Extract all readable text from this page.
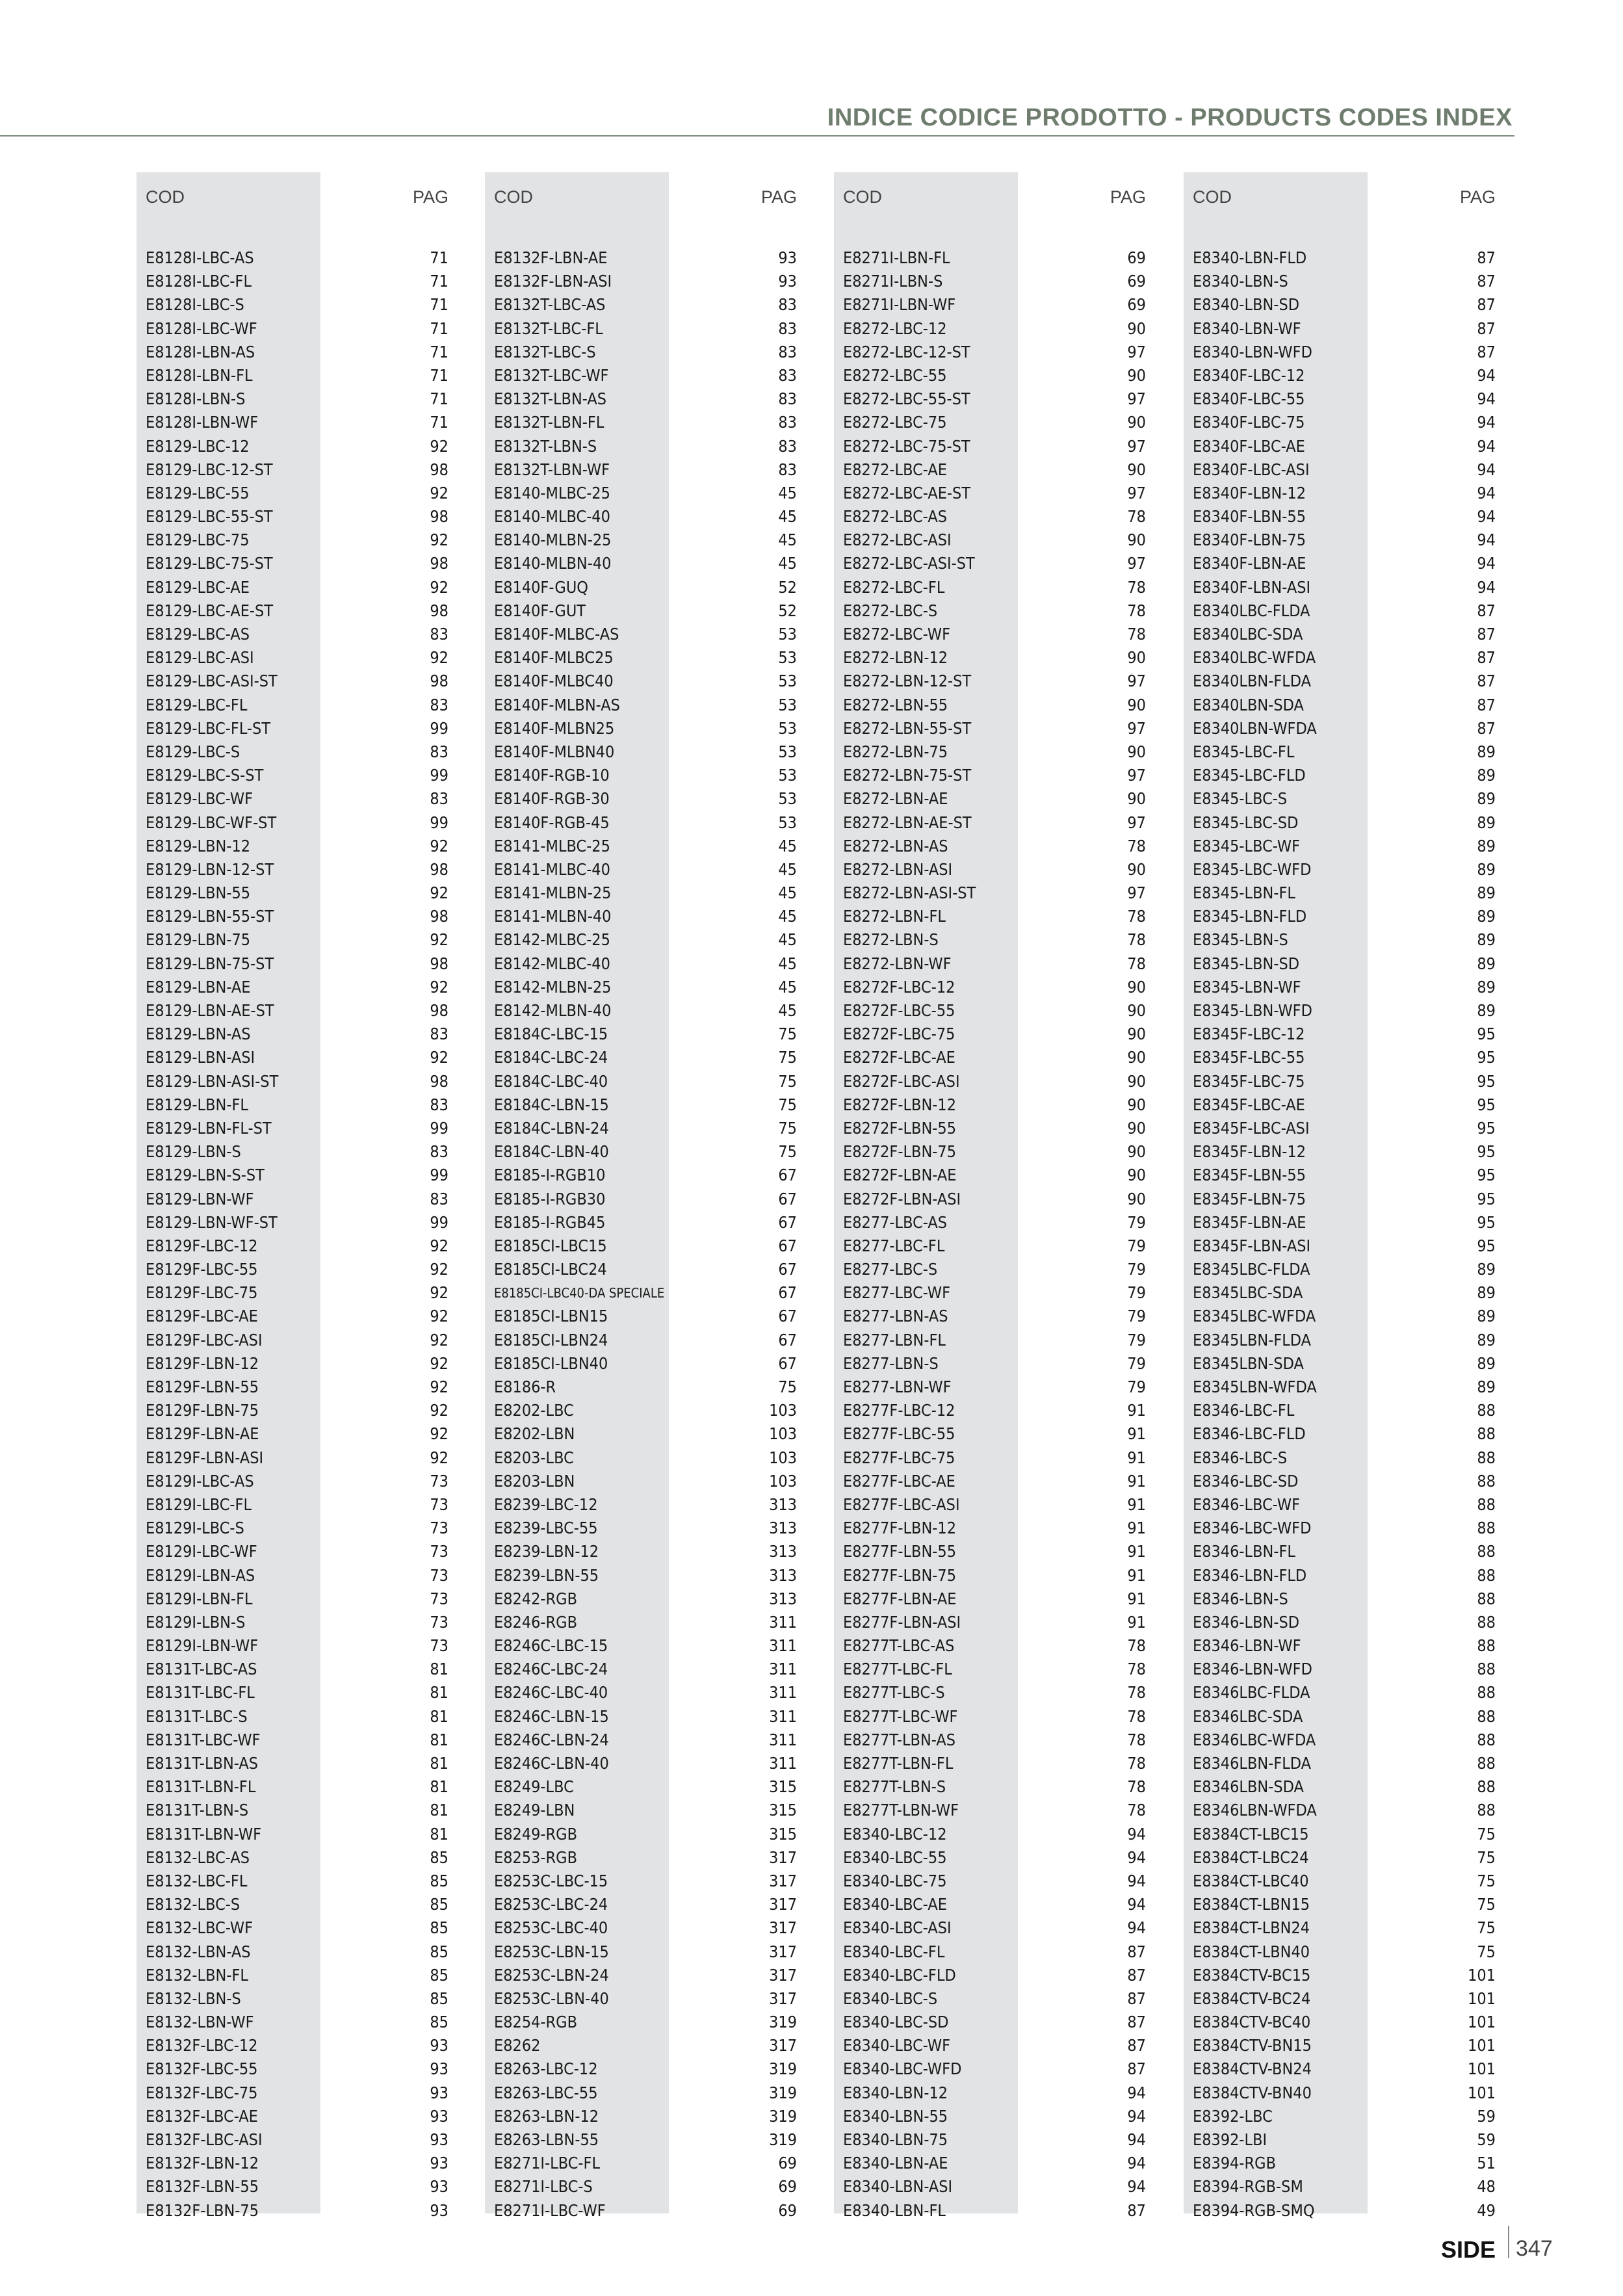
INDICE CODICE PRODOTTO - PRODUCTS CODES INDEX
COD	PAG
E8128I-LBC-AS	71
E8128I-LBC-FL	71
E8128I-LBC-S	71
E8128I-LBC-WF	71
E8128I-LBN-AS	71
E8128I-LBN-FL	71
E8128I-LBN-S	71
E8128I-LBN-WF	71
E8129-LBC-12	92
E8129-LBC-12-ST	98
E8129-LBC-55	92
E8129-LBC-55-ST	98
E8129-LBC-75	92
E8129-LBC-75-ST	98
E8129-LBC-AE	92
E8129-LBC-AE-ST	98
E8129-LBC-AS	83
E8129-LBC-ASI	92
E8129-LBC-ASI-ST	98
E8129-LBC-FL	83
E8129-LBC-FL-ST	99
E8129-LBC-S	83
E8129-LBC-S-ST	99
E8129-LBC-WF	83
E8129-LBC-WF-ST	99
E8129-LBN-12	92
E8129-LBN-12-ST	98
E8129-LBN-55	92
E8129-LBN-55-ST	98
E8129-LBN-75	92
E8129-LBN-75-ST	98
E8129-LBN-AE	92
E8129-LBN-AE-ST	98
E8129-LBN-AS	83
E8129-LBN-ASI	92
E8129-LBN-ASI-ST	98
E8129-LBN-FL	83
E8129-LBN-FL-ST	99
E8129-LBN-S	83
E8129-LBN-S-ST	99
E8129-LBN-WF	83
E8129-LBN-WF-ST	99
E8129F-LBC-12	92
E8129F-LBC-55	92
E8129F-LBC-75	92
E8129F-LBC-AE	92
E8129F-LBC-ASI	92
E8129F-LBN-12	92
E8129F-LBN-55	92
E8129F-LBN-75	92
E8129F-LBN-AE	92
E8129F-LBN-ASI	92
E8129I-LBC-AS	73
E8129I-LBC-FL	73
E8129I-LBC-S	73
E8129I-LBC-WF	73
E8129I-LBN-AS	73
E8129I-LBN-FL	73
E8129I-LBN-S	73
E8129I-LBN-WF	73
E8131T-LBC-AS	81
E8131T-LBC-FL	81
E8131T-LBC-S	81
E8131T-LBC-WF	81
E8131T-LBN-AS	81
E8131T-LBN-FL	81
E8131T-LBN-S	81
E8131T-LBN-WF	81
E8132-LBC-AS	85
E8132-LBC-FL	85
E8132-LBC-S	85
E8132-LBC-WF	85
E8132-LBN-AS	85
E8132-LBN-FL	85
E8132-LBN-S	85
E8132-LBN-WF	85
E8132F-LBC-12	93
E8132F-LBC-55	93
E8132F-LBC-75	93
E8132F-LBC-AE	93
E8132F-LBC-ASI	93
E8132F-LBN-12	93
E8132F-LBN-55	93
E8132F-LBN-75	93
COD	PAG
E8132F-LBN-AE	93
E8132F-LBN-ASI	93
E8132T-LBC-AS	83
E8132T-LBC-FL	83
E8132T-LBC-S	83
E8132T-LBC-WF	83
E8132T-LBN-AS	83
E8132T-LBN-FL	83
E8132T-LBN-S	83
E8132T-LBN-WF	83
E8140-MLBC-25	45
E8140-MLBC-40	45
E8140-MLBN-25	45
E8140-MLBN-40	45
E8140F-GUQ	52
E8140F-GUT	52
E8140F-MLBC-AS	53
E8140F-MLBC25	53
E8140F-MLBC40	53
E8140F-MLBN-AS	53
E8140F-MLBN25	53
E8140F-MLBN40	53
E8140F-RGB-10	53
E8140F-RGB-30	53
E8140F-RGB-45	53
E8141-MLBC-25	45
E8141-MLBC-40	45
E8141-MLBN-25	45
E8141-MLBN-40	45
E8142-MLBC-25	45
E8142-MLBC-40	45
E8142-MLBN-25	45
E8142-MLBN-40	45
E8184C-LBC-15	75
E8184C-LBC-24	75
E8184C-LBC-40	75
E8184C-LBN-15	75
E8184C-LBN-24	75
E8184C-LBN-40	75
E8185-I-RGB10	67
E8185-I-RGB30	67
E8185-I-RGB45	67
E8185CI-LBC15	67
E8185CI-LBC24	67
E8185CI-LBC40-DA SPECIALE	67
E8185CI-LBN15	67
E8185CI-LBN24	67
E8185CI-LBN40	67
E8186-R	75
E8202-LBC	103
E8202-LBN	103
E8203-LBC	103
E8203-LBN	103
E8239-LBC-12	313
E8239-LBC-55	313
E8239-LBN-12	313
E8239-LBN-55	313
E8242-RGB	313
E8246-RGB	311
E8246C-LBC-15	311
E8246C-LBC-24	311
E8246C-LBC-40	311
E8246C-LBN-15	311
E8246C-LBN-24	311
E8246C-LBN-40	311
E8249-LBC	315
E8249-LBN	315
E8249-RGB	315
E8253-RGB	317
E8253C-LBC-15	317
E8253C-LBC-24	317
E8253C-LBC-40	317
E8253C-LBN-15	317
E8253C-LBN-24	317
E8253C-LBN-40	317
E8254-RGB	319
E8262	317
E8263-LBC-12	319
E8263-LBC-55	319
E8263-LBN-12	319
E8263-LBN-55	319
E8271I-LBC-FL	69
E8271I-LBC-S	69
E8271I-LBC-WF	69
COD	PAG
E8271I-LBN-FL	69
E8271I-LBN-S	69
E8271I-LBN-WF	69
E8272-LBC-12	90
E8272-LBC-12-ST	97
E8272-LBC-55	90
E8272-LBC-55-ST	97
E8272-LBC-75	90
E8272-LBC-75-ST	97
E8272-LBC-AE	90
E8272-LBC-AE-ST	97
E8272-LBC-AS	78
E8272-LBC-ASI	90
E8272-LBC-ASI-ST	97
E8272-LBC-FL	78
E8272-LBC-S	78
E8272-LBC-WF	78
E8272-LBN-12	90
E8272-LBN-12-ST	97
E8272-LBN-55	90
E8272-LBN-55-ST	97
E8272-LBN-75	90
E8272-LBN-75-ST	97
E8272-LBN-AE	90
E8272-LBN-AE-ST	97
E8272-LBN-AS	78
E8272-LBN-ASI	90
E8272-LBN-ASI-ST	97
E8272-LBN-FL	78
E8272-LBN-S	78
E8272-LBN-WF	78
E8272F-LBC-12	90
E8272F-LBC-55	90
E8272F-LBC-75	90
E8272F-LBC-AE	90
E8272F-LBC-ASI	90
E8272F-LBN-12	90
E8272F-LBN-55	90
E8272F-LBN-75	90
E8272F-LBN-AE	90
E8272F-LBN-ASI	90
E8277-LBC-AS	79
E8277-LBC-FL	79
E8277-LBC-S	79
E8277-LBC-WF	79
E8277-LBN-AS	79
E8277-LBN-FL	79
E8277-LBN-S	79
E8277-LBN-WF	79
E8277F-LBC-12	91
E8277F-LBC-55	91
E8277F-LBC-75	91
E8277F-LBC-AE	91
E8277F-LBC-ASI	91
E8277F-LBN-12	91
E8277F-LBN-55	91
E8277F-LBN-75	91
E8277F-LBN-AE	91
E8277F-LBN-ASI	91
E8277T-LBC-AS	78
E8277T-LBC-FL	78
E8277T-LBC-S	78
E8277T-LBC-WF	78
E8277T-LBN-AS	78
E8277T-LBN-FL	78
E8277T-LBN-S	78
E8277T-LBN-WF	78
E8340-LBC-12	94
E8340-LBC-55	94
E8340-LBC-75	94
E8340-LBC-AE	94
E8340-LBC-ASI	94
E8340-LBC-FL	87
E8340-LBC-FLD	87
E8340-LBC-S	87
E8340-LBC-SD	87
E8340-LBC-WF	87
E8340-LBC-WFD	87
E8340-LBN-12	94
E8340-LBN-55	94
E8340-LBN-75	94
E8340-LBN-AE	94
E8340-LBN-ASI	94
E8340-LBN-FL	87
COD	PAG
E8340-LBN-FLD	87
E8340-LBN-S	87
E8340-LBN-SD	87
E8340-LBN-WF	87
E8340-LBN-WFD	87
E8340F-LBC-12	94
E8340F-LBC-55	94
E8340F-LBC-75	94
E8340F-LBC-AE	94
E8340F-LBC-ASI	94
E8340F-LBN-12	94
E8340F-LBN-55	94
E8340F-LBN-75	94
E8340F-LBN-AE	94
E8340F-LBN-ASI	94
E8340LBC-FLDA	87
E8340LBC-SDA	87
E8340LBC-WFDA	87
E8340LBN-FLDA	87
E8340LBN-SDA	87
E8340LBN-WFDA	87
E8345-LBC-FL	89
E8345-LBC-FLD	89
E8345-LBC-S	89
E8345-LBC-SD	89
E8345-LBC-WF	89
E8345-LBC-WFD	89
E8345-LBN-FL	89
E8345-LBN-FLD	89
E8345-LBN-S	89
E8345-LBN-SD	89
E8345-LBN-WF	89
E8345-LBN-WFD	89
E8345F-LBC-12	95
E8345F-LBC-55	95
E8345F-LBC-75	95
E8345F-LBC-AE	95
E8345F-LBC-ASI	95
E8345F-LBN-12	95
E8345F-LBN-55	95
E8345F-LBN-75	95
E8345F-LBN-AE	95
E8345F-LBN-ASI	95
E8345LBC-FLDA	89
E8345LBC-SDA	89
E8345LBC-WFDA	89
E8345LBN-FLDA	89
E8345LBN-SDA	89
E8345LBN-WFDA	89
E8346-LBC-FL	88
E8346-LBC-FLD	88
E8346-LBC-S	88
E8346-LBC-SD	88
E8346-LBC-WF	88
E8346-LBC-WFD	88
E8346-LBN-FL	88
E8346-LBN-FLD	88
E8346-LBN-S	88
E8346-LBN-SD	88
E8346-LBN-WF	88
E8346-LBN-WFD	88
E8346LBC-FLDA	88
E8346LBC-SDA	88
E8346LBC-WFDA	88
E8346LBN-FLDA	88
E8346LBN-SDA	88
E8346LBN-WFDA	88
E8384CT-LBC15	75
E8384CT-LBC24	75
E8384CT-LBC40	75
E8384CT-LBN15	75
E8384CT-LBN24	75
E8384CT-LBN40	75
E8384CTV-BC15	101
E8384CTV-BC24	101
E8384CTV-BC40	101
E8384CTV-BN15	101
E8384CTV-BN24	101
E8384CTV-BN40	101
E8392-LBC	59
E8392-LBI	59
E8394-RGB	51
E8394-RGB-SM	48
E8394-RGB-SMQ	49
SIDE 347
